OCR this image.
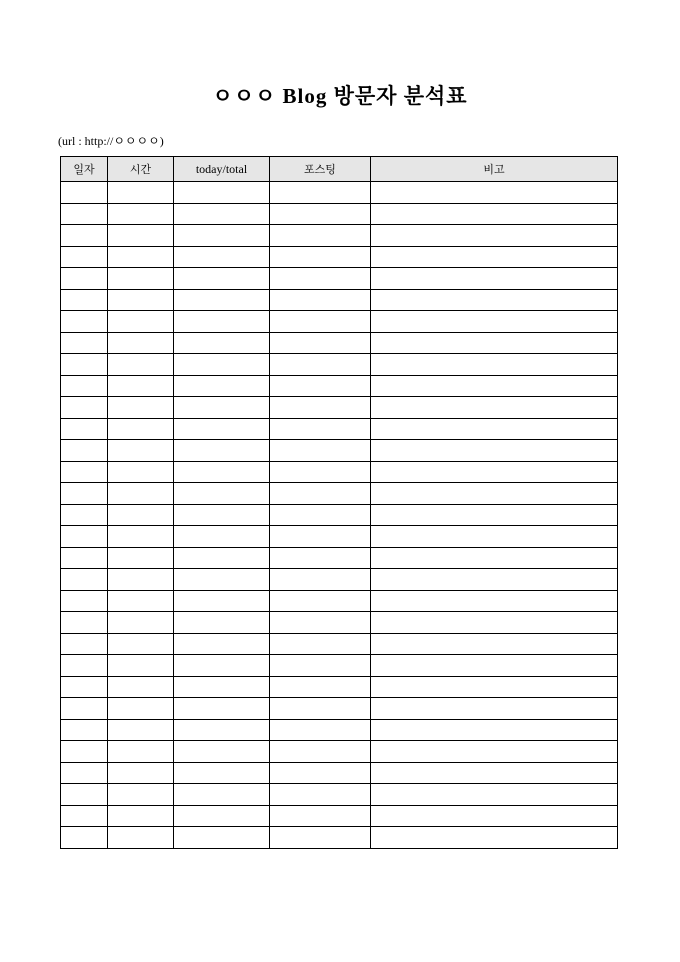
ㅇㅇㅇ Blog 방문자 분석표
(url : http://ㅇㅇㅇㅇ)
일자	시간	today/total	포스팅	비고
